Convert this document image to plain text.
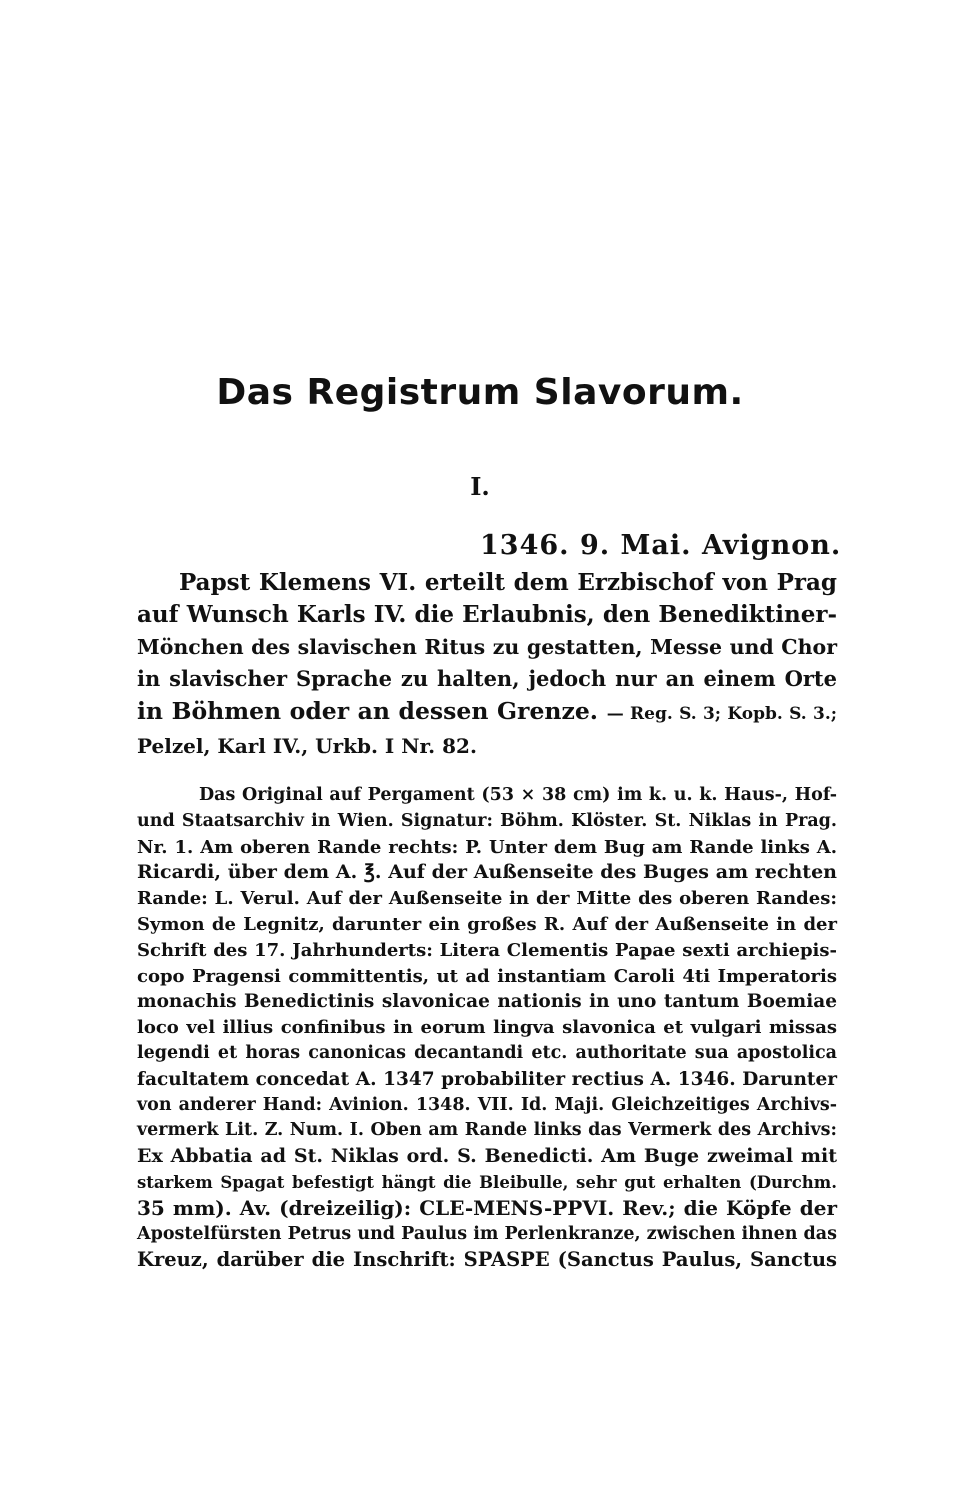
Das Registrum Slavorum.
I.
1346. 9. Mai. Avignon.
Papst Klemens VI. erteilt dem Erzbischof von Prag
auf Wunsch Karls IV. die Erlaubnis, den Benediktiner-
Mönchen des slavischen Ritus zu gestatten, Messe und Chor
in slavischer Sprache zu halten, jedoch nur an einem Orte
in Böhmen oder an dessen Grenze. — Reg. S. 3; Kopb. S. 3.;
Pelzel, Karl IV., Urkb. I Nr. 82.
Das Original auf Pergament (53 × 38 cm) im k. u. k. Haus-, Hof-
und Staatsarchiv in Wien. Signatur: Böhm. Klöster. St. Niklas in Prag.
Nr. 1. Am oberen Rande rechts: P. Unter dem Bug am Rande links A.
Ricardi, über dem A. ℥. Auf der Außenseite des Buges am rechten
Rande: L. Verul. Auf der Außenseite in der Mitte des oberen Randes:
Symon de Legnitz, darunter ein großes R. Auf der Außenseite in der
Schrift des 17. Jahrhunderts: Litera Clementis Papae sexti archiepis-
copo Pragensi committentis, ut ad instantiam Caroli 4ti Imperatoris
monachis Benedictinis slavonicae nationis in uno tantum Boemiae
loco vel illius confinibus in eorum lingva slavonica et vulgari missas
legendi et horas canonicas decantandi etc. authoritate sua apostolica
facultatem concedat A. 1347 probabiliter rectius A. 1346. Darunter
von anderer Hand: Avinion. 1348. VII. Id. Maji. Gleichzeitiges Archivs-
vermerk Lit. Z. Num. I. Oben am Rande links das Vermerk des Archivs:
Ex Abbatia ad St. Niklas ord. S. Benedicti. Am Buge zweimal mit
starkem Spagat befestigt hängt die Bleibulle, sehr gut erhalten (Durchm.
35 mm). Av. (dreizeilig): CLE-MENS-PPVI. Rev.; die Köpfe der
Apostelfürsten Petrus und Paulus im Perlenkranze, zwischen ihnen das
Kreuz, darüber die Inschrift: SPASPE (Sanctus Paulus, Sanctus
